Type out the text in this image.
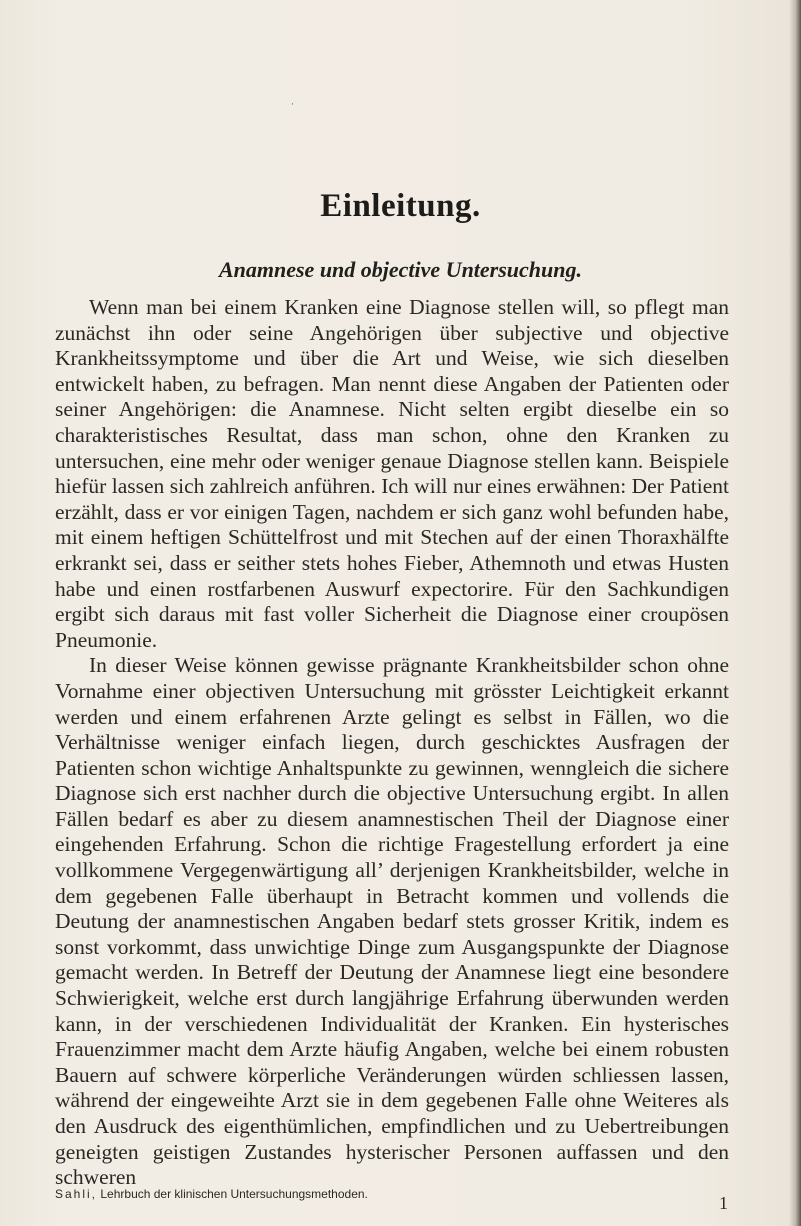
·
Einleitung.
Anamnese und objective Untersuchung.

Wenn man bei einem Kranken eine Diagnose stellen will, so pflegt man zunächst ihn oder seine Angehörigen über subjective und objective Krankheitssymptome und über die Art und Weise, wie sich dieselben entwickelt haben, zu befragen. Man nennt diese Angaben der Patienten oder seiner Angehörigen: die Anamnese. Nicht selten ergibt dieselbe ein so charakteristisches Resultat, dass man schon, ohne den Kranken zu untersuchen, eine mehr oder weniger genaue Diagnose stellen kann. Beispiele hiefür lassen sich zahlreich anführen. Ich will nur eines erwähnen: Der Patient erzählt, dass er vor einigen Tagen, nachdem er sich ganz wohl befunden habe, mit einem heftigen Schüttelfrost und mit Stechen auf der einen Thoraxhälfte erkrankt sei, dass er seither stets hohes Fieber, Athemnoth und etwas Husten habe und einen rostfarbenen Auswurf expectorire. Für den Sachkundigen ergibt sich daraus mit fast voller Sicherheit die Diagnose einer croupösen Pneumonie.

In dieser Weise können gewisse prägnante Krankheitsbilder schon ohne Vornahme einer objectiven Untersuchung mit grösster Leichtigkeit erkannt werden und einem erfahrenen Arzte gelingt es selbst in Fällen, wo die Verhältnisse weniger einfach liegen, durch geschicktes Ausfragen der Patienten schon wichtige Anhaltspunkte zu gewinnen, wenngleich die sichere Diagnose sich erst nachher durch die objective Untersuchung ergibt. In allen Fällen bedarf es aber zu diesem anamnestischen Theil der Diagnose einer eingehenden Erfahrung. Schon die richtige Fragestellung erfordert ja eine vollkommene Vergegenwärtigung all’ derjenigen Krankheitsbilder, welche in dem gegebenen Falle überhaupt in Betracht kommen und vollends die Deutung der anamnestischen Angaben bedarf stets grosser Kritik, indem es sonst vorkommt, dass unwichtige Dinge zum Ausgangspunkte der Diagnose gemacht werden. In Betreff der Deutung der Anamnese liegt eine besondere Schwierigkeit, welche erst durch langjährige Erfahrung überwunden werden kann, in der verschiedenen Individualität der Kranken. Ein hysterisches Frauenzimmer macht dem Arzte häufig Angaben, welche bei einem robusten Bauern auf schwere körperliche Veränderungen würden schliessen lassen, während der eingeweihte Arzt sie in dem gegebenen Falle ohne Weiteres als den Ausdruck des eigenthümlichen, empfindlichen und zu Uebertreibungen geneigten geistigen Zustandes hysterischer Personen auffassen und den schweren

Sahli, Lehrbuch der klinischen Untersuchungsmethoden.	1
